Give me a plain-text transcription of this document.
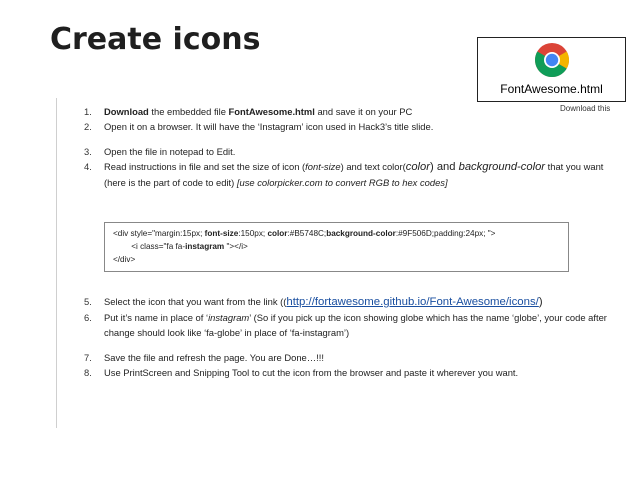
Create icons
FontAwesome.html
Download this
1.	Download the embedded file FontAwesome.html and save it on your PC
2.	Open it on a browser. It will have the ‘Instagram’ icon used in Hack3’s title slide.
3.	Open the file in notepad to Edit.
4.	Read instructions in file and set the size of icon (font-size) and text color(color) and background-color that you want (here is the part of code to edit) [use colorpicker.com to convert RGB to hex codes]
<div style="margin:15px; font-size:150px; color:#B5748C;background-color:#9F506D;padding:24px; ">
<i class="fa fa-instagram "></i>
</div>
5.	Select the icon that you want from the link ((http://fortawesome.github.io/Font-Awesome/icons/)
6.	Put it’s name in place of ‘instagram’ (So if you pick up the icon showing globe which has the name ‘globe’, your code after change should look like ‘fa-globe’ in place of ‘fa-instagram’)
7.	Save the file and refresh the page. You are Done…!!!
8.	Use PrintScreen and Snipping Tool to cut the icon from the browser and paste it wherever you want.
